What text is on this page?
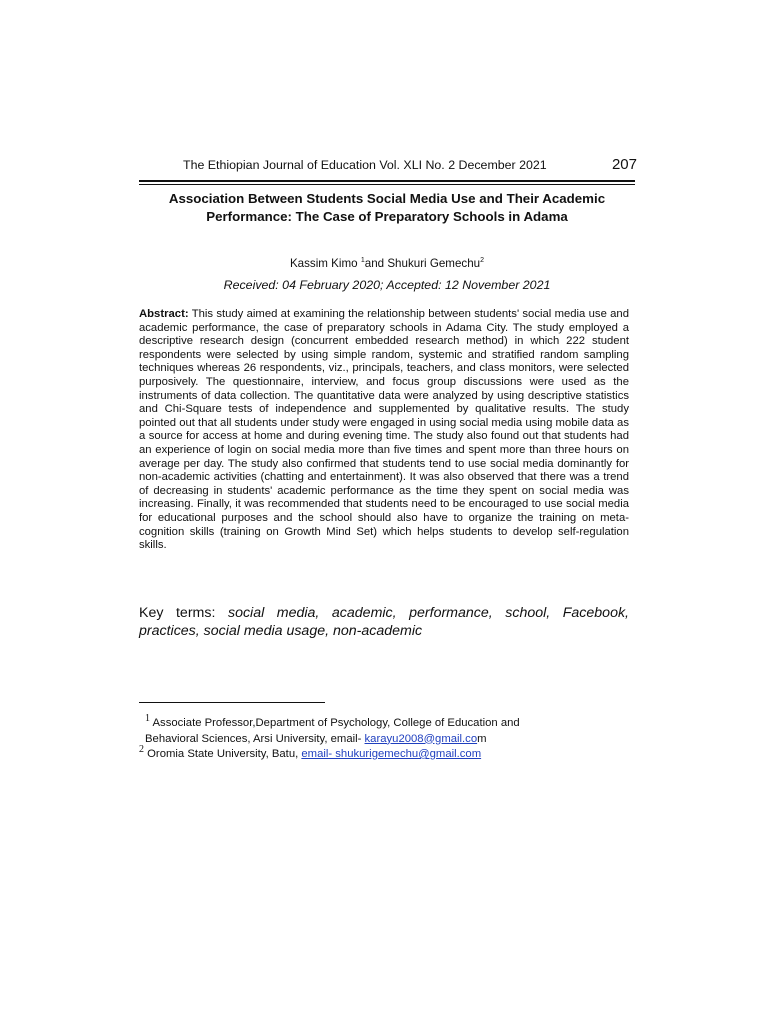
The Ethiopian Journal of Education Vol. XLI No. 2 December 2021	207
Association Between Students Social Media Use and Their Academic Performance: The Case of Preparatory Schools in Adama
Kassim Kimo $^1$and Shukuri Gemechu$^2$
Received: 04 February 2020; Accepted: 12 November 2021
Abstract: This study aimed at examining the relationship between students' social media use and academic performance, the case of preparatory schools in Adama City. The study employed a descriptive research design (concurrent embedded research method) in which 222 student respondents were selected by using simple random, systemic and stratified random sampling techniques whereas 26 respondents, viz., principals, teachers, and class monitors, were selected purposively. The questionnaire, interview, and focus group discussions were used as the instruments of data collection. The quantitative data were analyzed by using descriptive statistics and Chi-Square tests of independence and supplemented by qualitative results. The study pointed out that all students under study were engaged in using social media using mobile data as a source for access at home and during evening time. The study also found out that students had an experience of login on social media more than five times and spent more than three hours on average per day. The study also confirmed that students tend to use social media dominantly for non-academic activities (chatting and entertainment). It was also observed that there was a trend of decreasing in students' academic performance as the time they spent on social media was increasing. Finally, it was recommended that students need to be encouraged to use social media for educational purposes and the school should also have to organize the training on meta-cognition skills (training on Growth Mind Set) which helps students to develop self-regulation skills.
Key terms: social media, academic, performance, school, Facebook, practices, social media usage, non-academic
1 Associate Professor,Department of Psychology, College of Education and
Behavioral Sciences, Arsi University, email- karayu2008@gmail.com
2 Oromia State University, Batu, email- shukurigemechu@gmail.com
